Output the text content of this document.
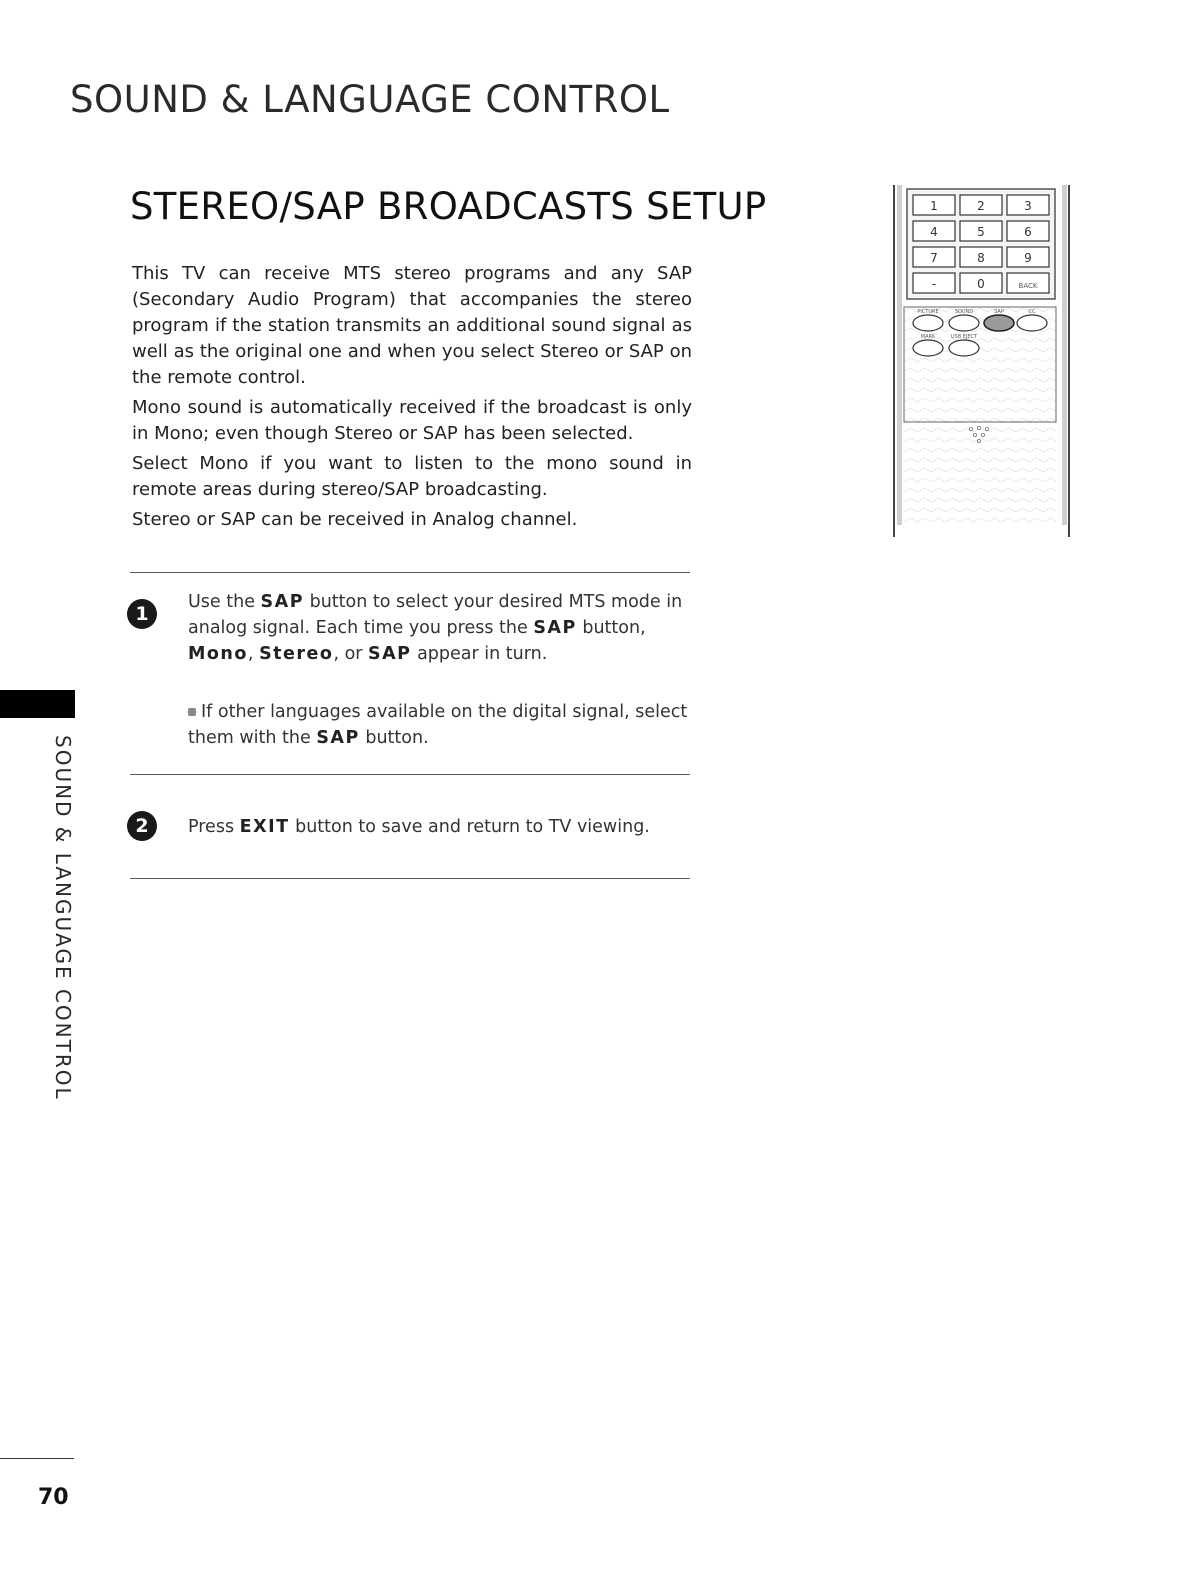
SOUND & LANGUAGE CONTROL
STEREO/SAP BROADCASTS SETUP

This TV can receive MTS stereo programs and any SAP (Secondary Audio Program) that accompanies the stereo program if the station transmits an additional sound signal as well as the original one and when you select Stereo or SAP on the remote control.

Mono sound is automatically received if the broadcast is only in Mono; even though Stereo or SAP has been selected.

Select Mono if you want to listen to the mono sound in remote areas during stereo/SAP broadcasting.

Stereo or SAP can be received in Analog channel.

1
Use the SAP button to select your desired MTS mode in analog signal. Each time you press the SAP button, Mono, Stereo, or SAP appear in turn.
If other languages available on the digital signal, select them with the SAP button.
2	Press EXIT button to save and return to TV viewing.
SOUND & LANGUAGE CONTROL
70
1	2	3
4	5	6
7	8	9
-	0	BACK
PICTURE	SOUND	SAP	CC
MARK	USB EJECT
